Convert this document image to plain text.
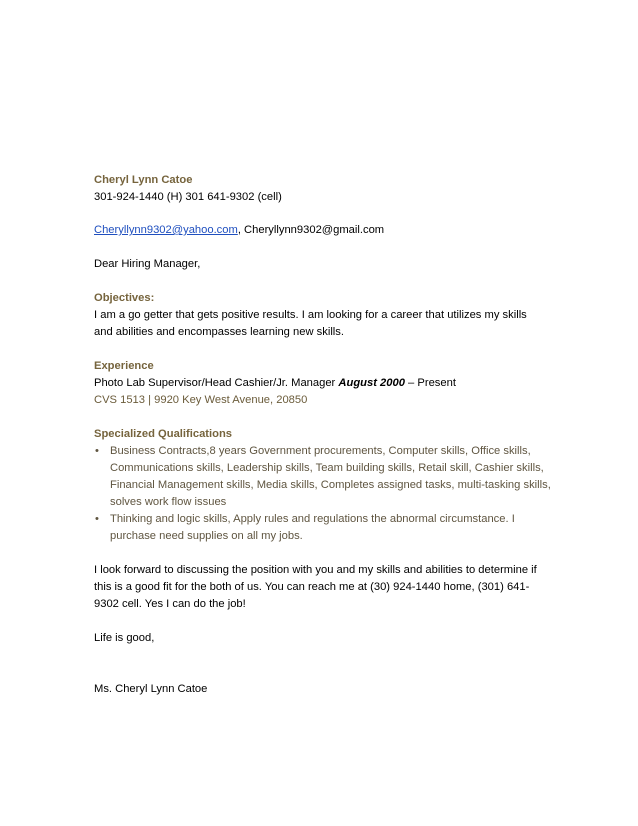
Cheryl Lynn Catoe
301-924-1440 (H) 301 641-9302 (cell)
Cheryllynn9302@yahoo.com, Cheryllynn9302@gmail.com
Dear Hiring Manager,
Objectives:
I am a go getter that gets positive results. I am looking for a career that utilizes my skills
and abilities and encompasses learning new skills.
Experience
Photo Lab Supervisor/Head Cashier/Jr. Manager August 2000 – Present
CVS 1513 | 9920 Key West Avenue, 20850
Specialized Qualifications
• Business Contracts,8 years Government procurements, Computer skills, Office skills,
Communications skills, Leadership skills, Team building skills, Retail skill, Cashier skills,
Financial Management skills, Media skills, Completes assigned tasks, multi-tasking skills,
solves work flow issues
• Thinking and logic skills, Apply rules and regulations the abnormal circumstance. I
purchase need supplies on all my jobs.
I look forward to discussing the position with you and my skills and abilities to determine if
this is a good fit for the both of us. You can reach me at (30) 924-1440 home, (301) 641-
9302 cell. Yes I can do the job!
Life is good,
Ms. Cheryl Lynn Catoe
